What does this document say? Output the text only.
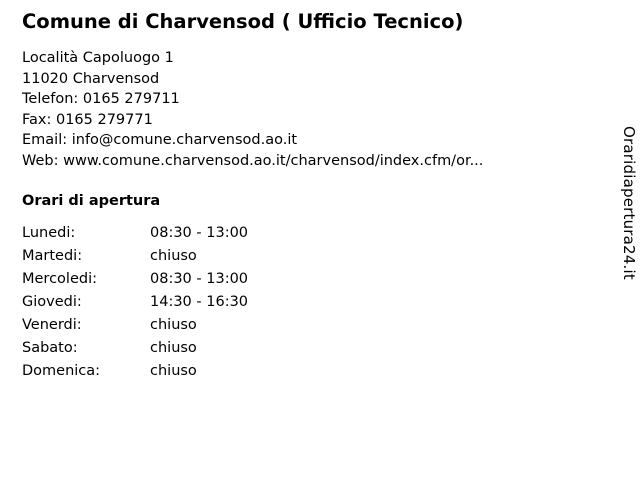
Comune di Charvensod ( Ufficio Tecnico)
Località Capoluogo 1
11020 Charvensod
Telefon: 0165 279711
Fax: 0165 279771
Email: info@comune.charvensod.ao.it
Web: www.comune.charvensod.ao.it/charvensod/index.cfm/or...
Orari di apertura
Lunedi:	08:30 - 13:00
Martedi:	chiuso
Mercoledi:	08:30 - 13:00
Giovedi:	14:30 - 16:30
Venerdi:	chiuso
Sabato:	chiuso
Domenica:	chiuso
Oraridiapertura24.it
